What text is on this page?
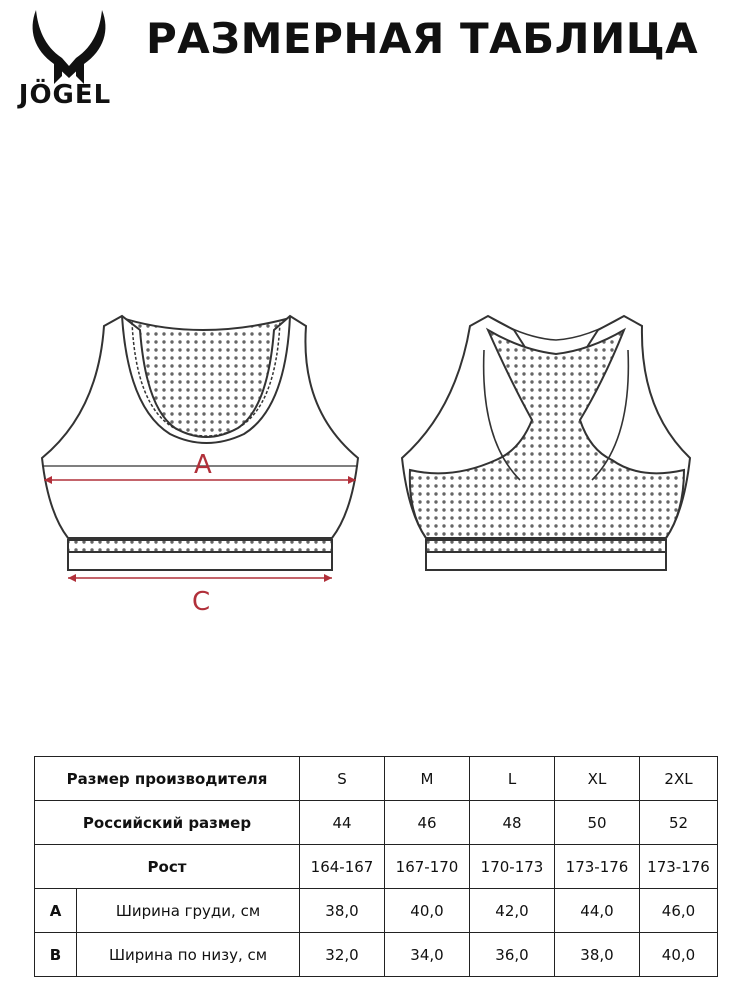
JÖGEL
РАЗМЕРНАЯ ТАБЛИЦА
A
C
Размер производителя		S	M	L	XL	2XL
Российский размер		44	46	48	50	52
Рост		164-167	167-170	170-173	173-176	173-176
A	Ширина груди, см	38,0	40,0	42,0	44,0	46,0
B	Ширина по низу, см	32,0	34,0	36,0	38,0	40,0
